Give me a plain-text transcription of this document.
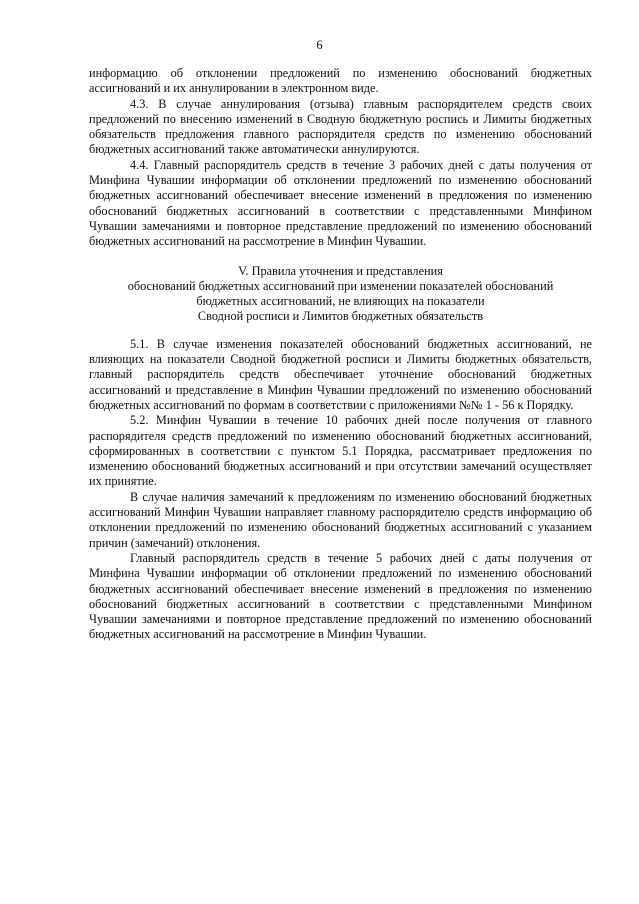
6

информацию об отклонении предложений по изменению обоснований бюджетных ассигнований и их аннулировании в электронном виде.

4.3. В случае аннулирования (отзыва) главным распорядителем средств своих предложений по внесению изменений в Сводную бюджетную роспись и Лимиты бюджетных обязательств предложения главного распорядителя средств по изменению обоснований бюджетных ассигнований также автоматически аннулируются.

4.4. Главный распорядитель средств в течение 3 рабочих дней с даты получения от Минфина Чувашии информации об отклонении предложений по изменению обоснований бюджетных ассигнований обеспечивает внесение изменений в предложения по изменению обоснований бюджетных ассигнований в соответствии с представленными Минфином Чувашии замечаниями и повторное представление предложений по изменению обоснований бюджетных ассигнований на рассмотрение в Минфин Чувашии.

V. Правила уточнения и представления
обоснований бюджетных ассигнований при изменении показателей обоснований
бюджетных ассигнований, не влияющих на показатели
Сводной росписи и Лимитов бюджетных обязательств

5.1. В случае изменения показателей обоснований бюджетных ассигнований, не влияющих на показатели Сводной бюджетной росписи и Лимиты бюджетных обязательств, главный распорядитель средств обеспечивает уточнение обоснований бюджетных ассигнований и представление в Минфин Чувашии предложений по изменению обоснований бюджетных ассигнований по формам в соответствии с приложениями №№ 1 - 56 к Порядку.

5.2. Минфин Чувашии в течение 10 рабочих дней после получения от главного распорядителя средств предложений по изменению обоснований бюджетных ассигнований, сформированных в соответствии с пунктом 5.1 Порядка, рассматривает предложения по изменению обоснований бюджетных ассигнований и при отсутствии замечаний осуществляет их принятие.

В случае наличия замечаний к предложениям по изменению обоснований бюджетных ассигнований Минфин Чувашии направляет главному распорядителю средств информацию об отклонении предложений по изменению обоснований бюджетных ассигнований с указанием причин (замечаний) отклонения.

Главный распорядитель средств в течение 5 рабочих дней с даты получения от Минфина Чувашии информации об отклонении предложений по изменению обоснований бюджетных ассигнований обеспечивает внесение изменений в предложения по изменению обоснований бюджетных ассигнований в соответствии с представленными Минфином Чувашии замечаниями и повторное представление предложений по изменению обоснований бюджетных ассигнований на рассмотрение в Минфин Чувашии.
